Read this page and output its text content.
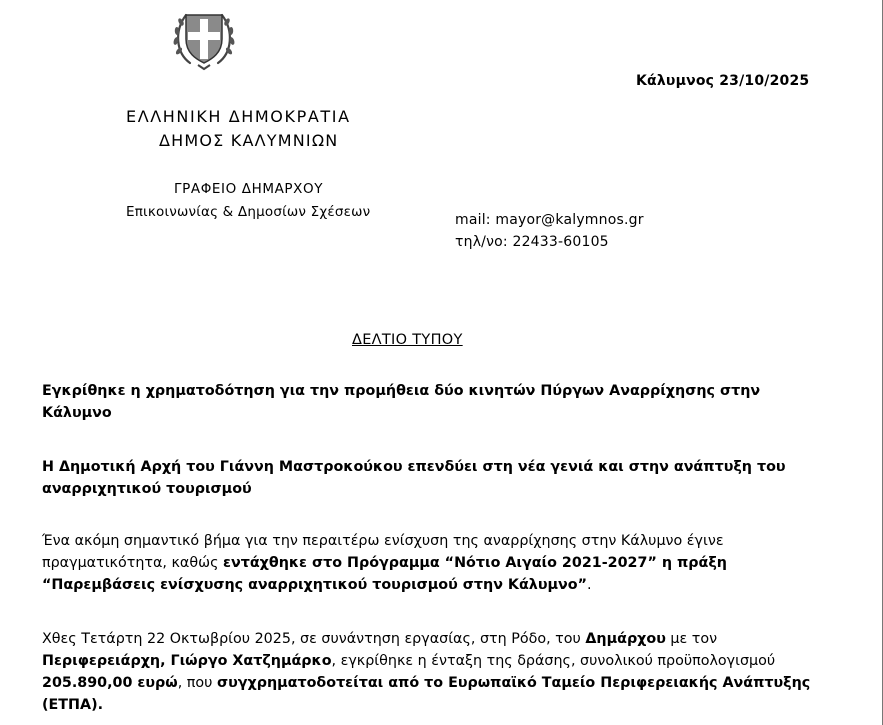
Κάλυμνος 23/10/2025
ΕΛΛΗΝΙΚΗ ΔΗΜΟΚΡΑΤΙΑ
ΔΗΜΟΣ ΚΑΛΥΜΝΙΩΝ
ΓΡΑΦΕΙΟ ΔΗΜΑΡΧΟΥ
Επικοινωνίας & Δημοσίων Σχέσεων	mail: mayor@kalymnos.gr
τηλ/νο: 22433-60105
ΔΕΛΤΙΟ ΤΥΠΟΥ
Εγκρίθηκε η χρηματοδότηση για την προμήθεια δύο κινητών Πύργων Αναρρίχησης στην Κάλυμνο
Η Δημοτική Αρχή του Γιάννη Μαστροκούκου επενδύει στη νέα γενιά και στην ανάπτυξη του αναρριχητικού τουρισμού
Ένα ακόμη σημαντικό βήμα για την περαιτέρω ενίσχυση της αναρρίχησης στην Κάλυμνο έγινε πραγματικότητα, καθώς εντάχθηκε στο Πρόγραμμα “Νότιο Αιγαίο 2021-2027” η πράξη “Παρεμβάσεις ενίσχυσης αναρριχητικού τουρισμού στην Κάλυμνο”.
Χθες Τετάρτη 22 Οκτωβρίου 2025, σε συνάντηση εργασίας, στη Ρόδο, του Δημάρχου με τον Περιφερειάρχη, Γιώργο Χατζημάρκο, εγκρίθηκε η ένταξη της δράσης, συνολικού προϋπολογισμού 205.890,00 ευρώ, που συγχρηματοδοτείται από το Ευρωπαϊκό Ταμείο Περιφερειακής Ανάπτυξης (ΕΤΠΑ).
